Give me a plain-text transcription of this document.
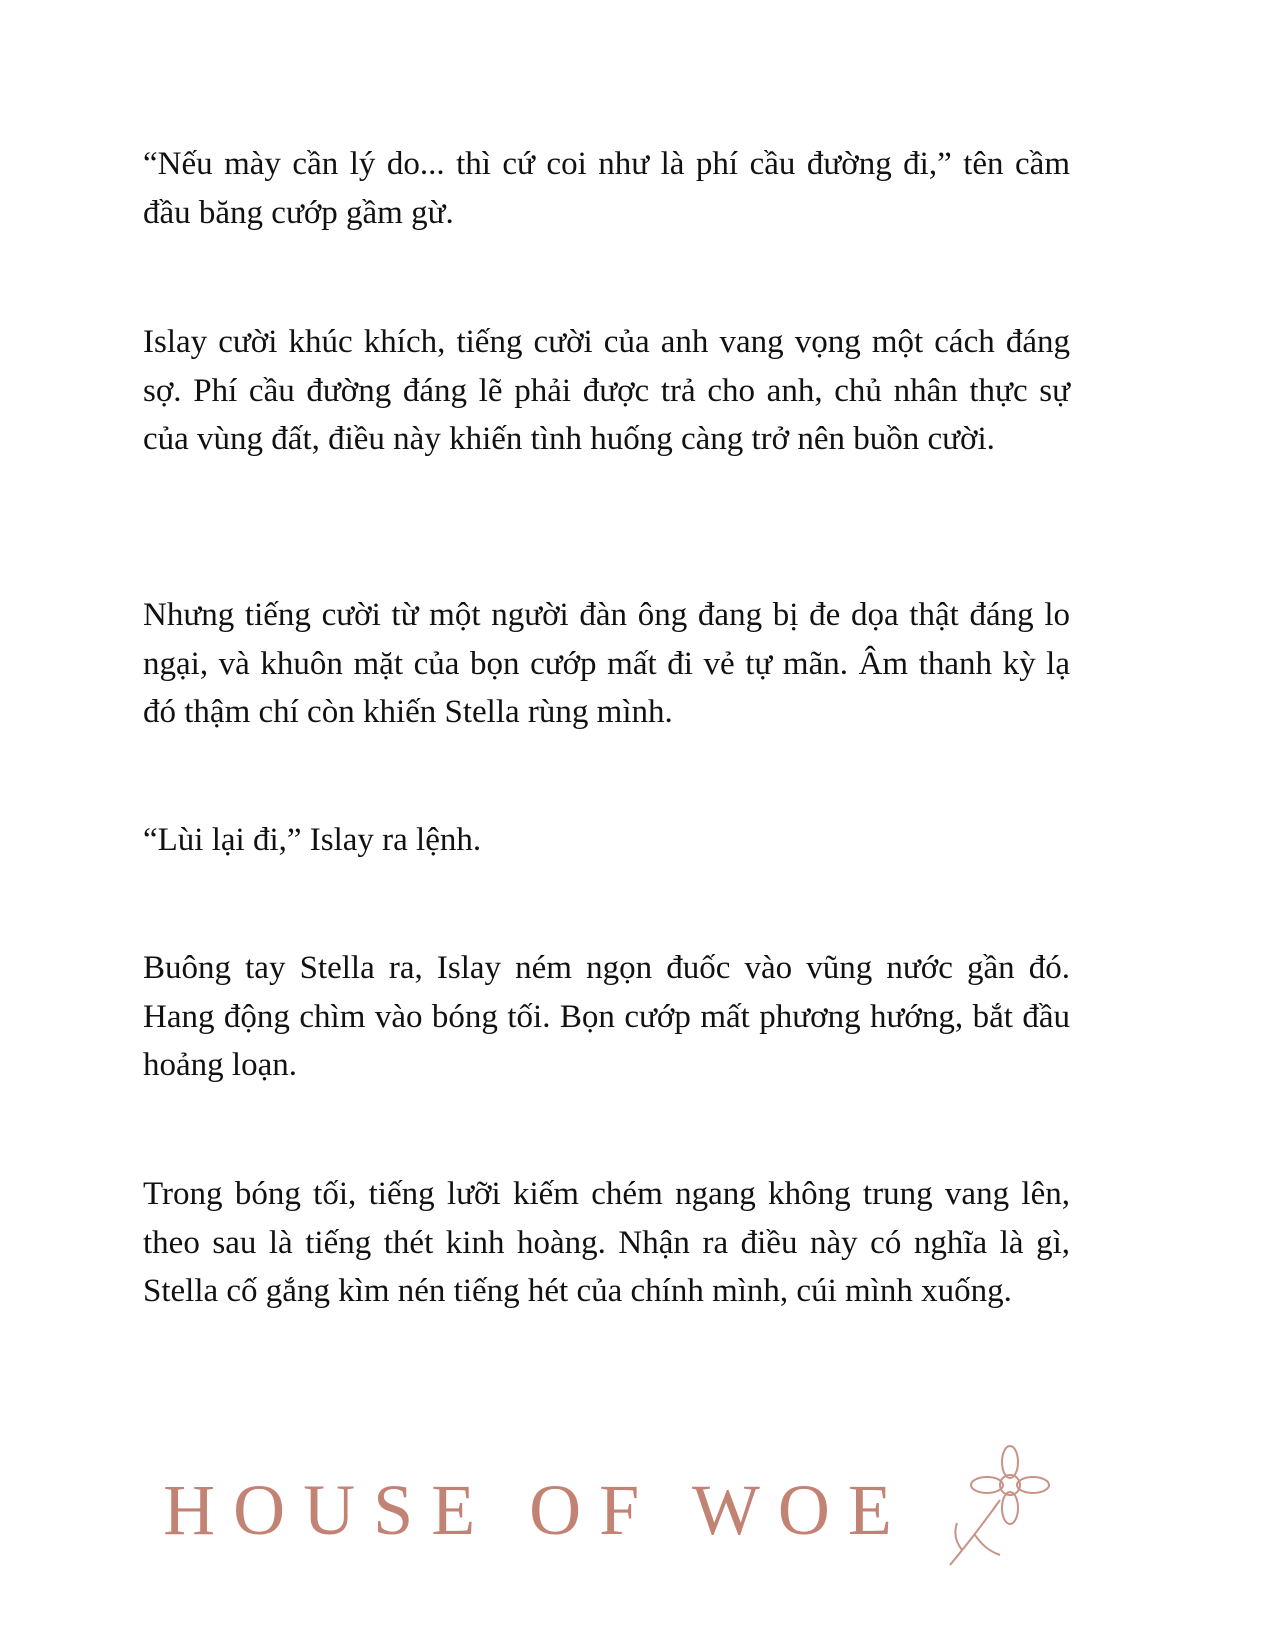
“Nếu mày cần lý do... thì cứ coi như là phí cầu đường đi,” tên cầm đầu băng cướp gầm gừ.

Islay cười khúc khích, tiếng cười của anh vang vọng một cách đáng sợ. Phí cầu đường đáng lẽ phải được trả cho anh, chủ nhân thực sự của vùng đất, điều này khiến tình huống càng trở nên buồn cười.

Nhưng tiếng cười từ một người đàn ông đang bị đe dọa thật đáng lo ngại, và khuôn mặt của bọn cướp mất đi vẻ tự mãn. Âm thanh kỳ lạ đó thậm chí còn khiến Stella rùng mình.

“Lùi lại đi,” Islay ra lệnh.

Buông tay Stella ra, Islay ném ngọn đuốc vào vũng nước gần đó. Hang động chìm vào bóng tối. Bọn cướp mất phương hướng, bắt đầu hoảng loạn.

Trong bóng tối, tiếng lưỡi kiếm chém ngang không trung vang lên, theo sau là tiếng thét kinh hoàng. Nhận ra điều này có nghĩa là gì, Stella cố gắng kìm nén tiếng hét của chính mình, cúi mình xuống.

HOUSE OF WOE
